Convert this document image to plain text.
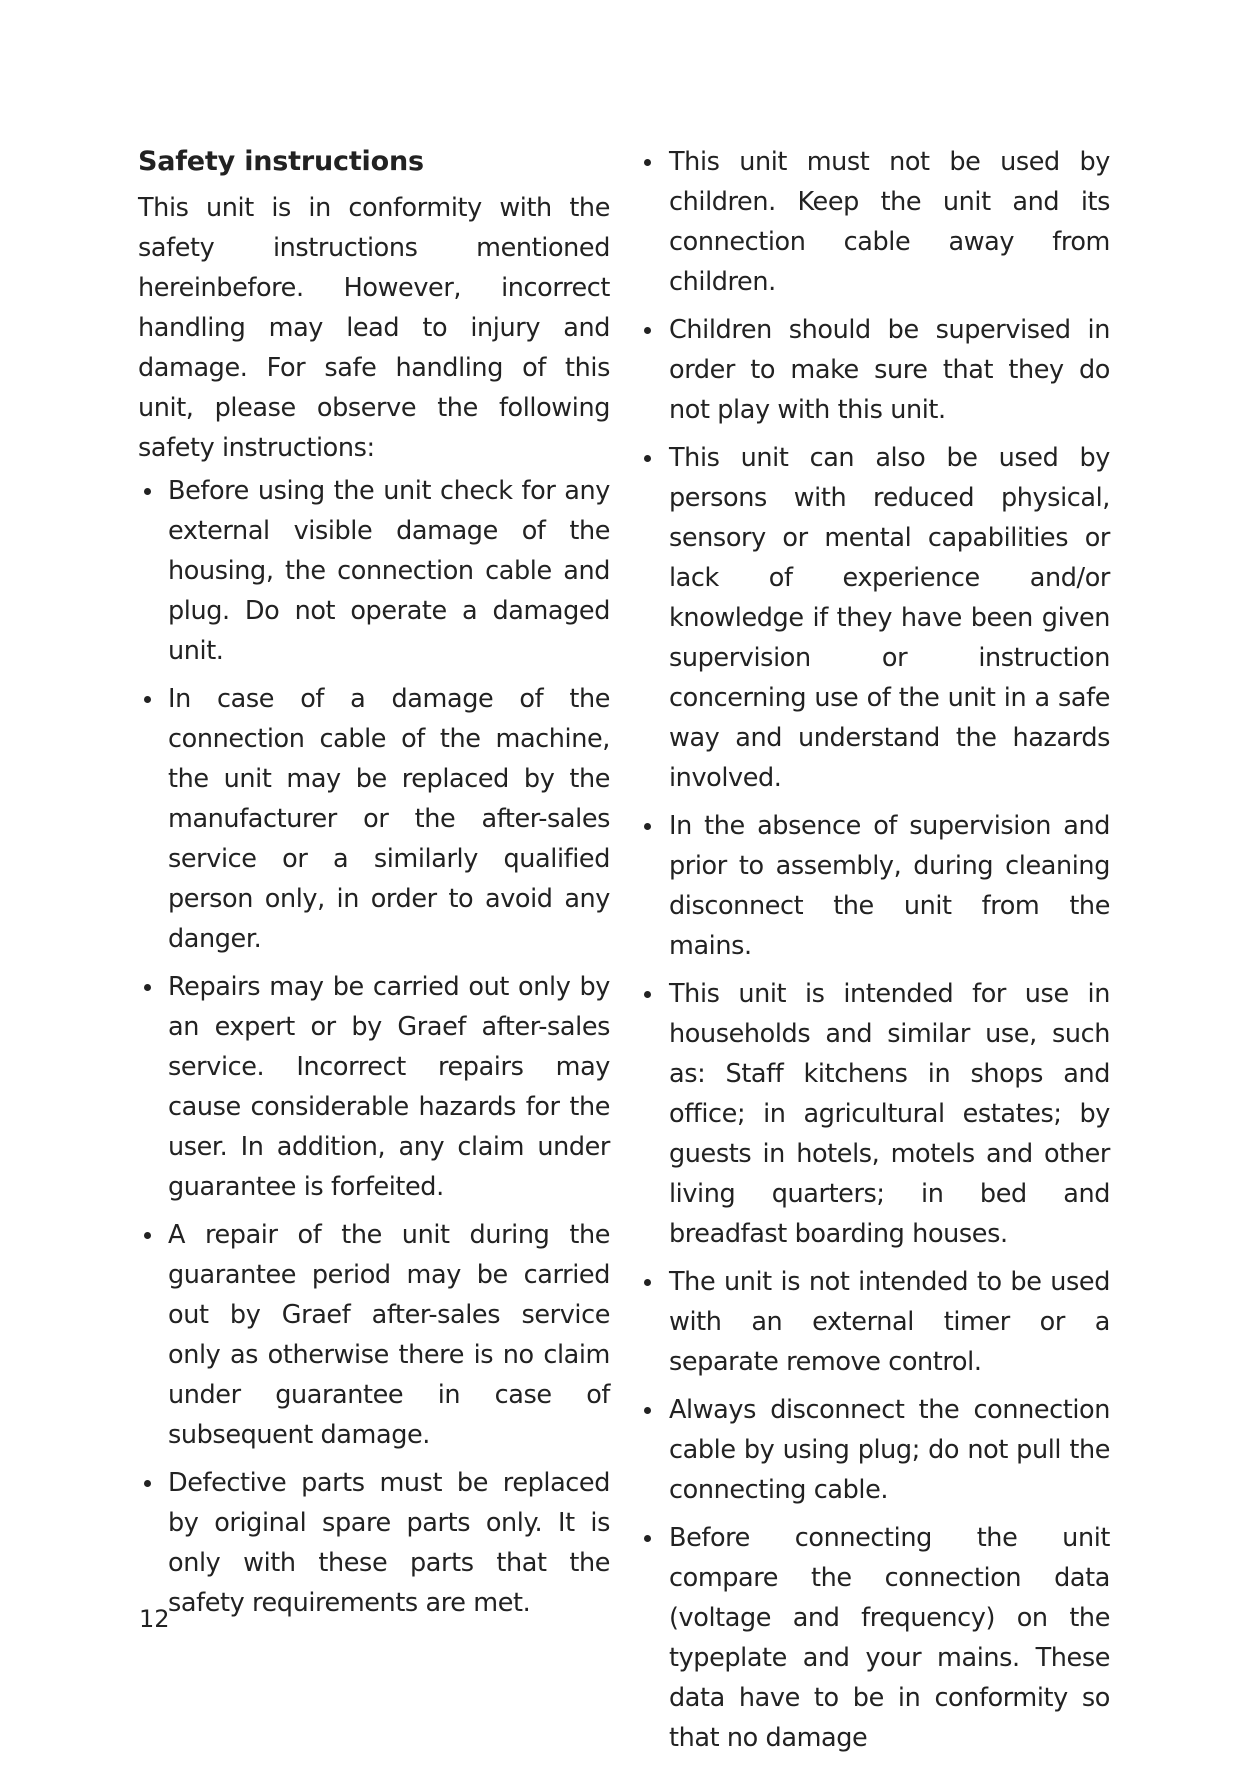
Safety instructions

This unit is in conformity with the safety instructions mentioned hereinbefore. However, incorrect handling may lead to injury and damage. For safe handling of this unit, please observe the following safety instructions:

Before using the unit check for any external visible damage of the housing, the connection cable and plug. Do not operate a damaged unit.
In case of a damage of the connection cable of the machine, the unit may be replaced by the manufacturer or the after-sales service or a similarly qualified person only, in order to avoid any danger.
Repairs may be carried out only by an expert or by Graef after-sales service. Incorrect repairs may cause considerable hazards for the user. In addition, any claim under guarantee is forfeited.
A repair of the unit during the guarantee period may be carried out by Graef after-sales service only as otherwise there is no claim under guarantee in case of subsequent damage.
Defective parts must be replaced by original spare parts only. It is only with these parts that the safety requirements are met.
This unit must not be used by children. Keep the unit and its connection cable away from children.
Children should be supervised in order to make sure that they do not play with this unit.
This unit can also be used by persons with reduced physical, sensory or mental capabilities or lack of experience and/or knowledge if they have been given supervision or instruction concerning use of the unit in a safe way and understand the hazards involved.
In the absence of supervision and prior to assembly, during cleaning disconnect the unit from the mains.
This unit is intended for use in households and similar use, such as: Staff kitchens in shops and office; in agricultural estates; by guests in hotels, motels and other living quarters; in bed and breadfast boarding houses.
The unit is not intended to be used with an external timer or a separate remove control.
Always disconnect the connection cable by using plug; do not pull the connecting cable.
Before connecting the unit compare the connection data (voltage and frequency) on the typeplate and your mains. These data have to be in conformity so that no damage
12
